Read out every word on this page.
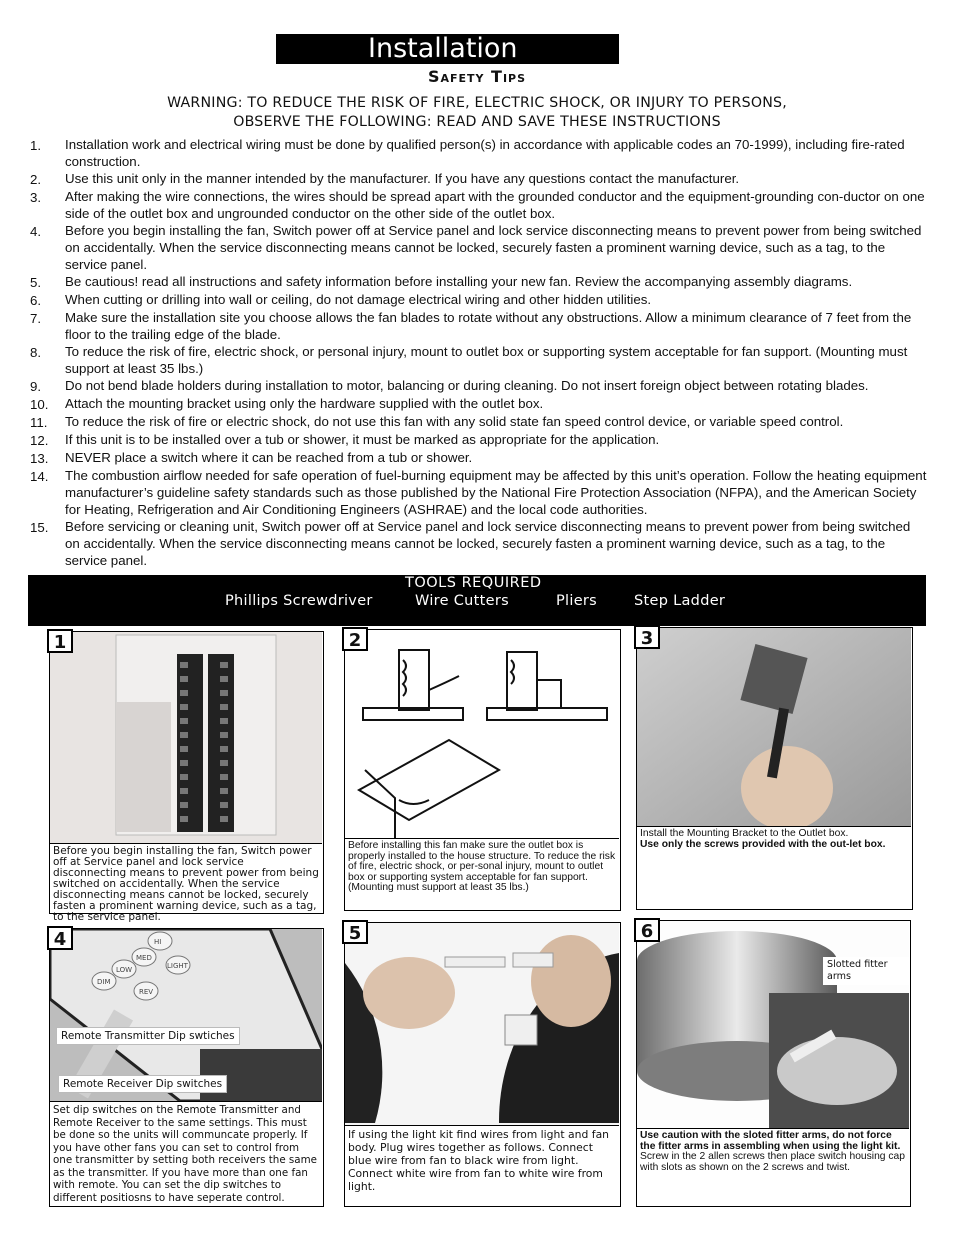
Installation
Safety Tips
WARNING: TO REDUCE THE RISK OF FIRE, ELECTRIC SHOCK, OR INJURY TO PERSONS,
OBSERVE THE FOLLOWING: READ AND SAVE THESE INSTRUCTIONS
1.	Installation work and electrical wiring must be done by qualified person(s) in accordance with applicable codes an 70-1999), including fire-rated construction.
2.	Use this unit only in the manner intended by the manufacturer. If you have any questions contact the manufacturer.
3.	After making the wire connections, the wires should be spread apart with the grounded conductor and the equipment-grounding con-ductor on one side of the outlet box and ungrounded conductor on the other side of the outlet box.
4.	Before you begin installing the fan, Switch power off at Service panel and lock service disconnecting means to prevent power from being switched on accidentally. When the service disconnecting means cannot be locked, securely fasten a prominent warning device, such as a tag, to the service panel.
5.	Be cautious! read all instructions and safety information before installing your new fan. Review the accompanying assembly diagrams.
6.	When cutting or drilling into wall or ceiling, do not damage electrical wiring and other hidden utilities.
7.	Make sure the installation site you choose allows the fan blades to rotate without any obstructions. Allow a minimum clearance of 7 feet from the floor to the trailing edge of the blade.
8.	To reduce the risk of fire, electric shock, or personal injury, mount to outlet box or supporting system acceptable for fan support. (Mounting must support at least 35 lbs.)
9.	Do not bend blade holders during installation to motor, balancing or during cleaning. Do not insert foreign object between rotating blades.
10.	Attach the mounting bracket using only the hardware supplied with the outlet box.
11.	To reduce the risk of fire or electric shock, do not use this fan with any solid state fan speed control device, or variable speed control.
12.	If this unit is to be installed over a tub or shower, it must be marked as appropriate for the application.
13.	NEVER place a switch where it can be reached from a tub or shower.
14.	The combustion airflow needed for safe operation of fuel-burning equipment may be affected by this unit’s operation. Follow the heating equipment manufacturer’s guideline safety standards such as those published by the National Fire Protection Association (NFPA), and the American Society for Heating, Refrigeration and Air Conditioning Engineers (ASHRAE) and the local code authorities.
15.	Before servicing or cleaning unit, Switch power off at Service panel and lock service disconnecting means to prevent power from being switched on accidentally. When the service disconnecting means cannot be locked, securely fasten a prominent warning device, such as a tag, to the service panel.
TOOLS REQUIRED
Phillips Screwdriver	Wire Cutters	Pliers	Step Ladder
1
Before you begin installing the fan, Switch power off at Service panel and lock service disconnecting means to prevent power from being switched on accidentally. When the service disconnecting means cannot be locked, securely fasten a prominent warning device, such as a tag, to the service panel.
2
Before installing this fan make sure the outlet box is properly installed to the house structure. To reduce the risk of fire, electric shock, or per-sonal injury, mount to outlet box or supporting system acceptable for fan support. (Mounting must support at least 35 lbs.)
3
Install the Mounting Bracket to the Outlet box.
Use only the screws provided with the out-let box.
4	HI
MED
LOW	LIGHT
REV
DIM
Remote Transmitter Dip swtiches
Remote Receiver Dip switches
Set dip switches on the Remote Transmitter and Remote Receiver to the same settings. This must be done so the units will communcate properly. If you have other fans you can set to control from one transmitter by setting both receivers the same as the transmitter. If you have more than one fan with remote. You can set the dip switches to different positiosns to have seperate control.
5
If using the light kit find wires from light and fan body. Plug wires together as follows. Connect blue wire from fan to black wire from light. Connect white wire from fan to white wire from light.
6
Slotted fitter arms
Use caution with the sloted fitter arms, do not force the fitter arms in assembling when using the light kit. Screw in the 2 allen screws then place switch housing cap with slots as shown on the 2 screws and twist.
